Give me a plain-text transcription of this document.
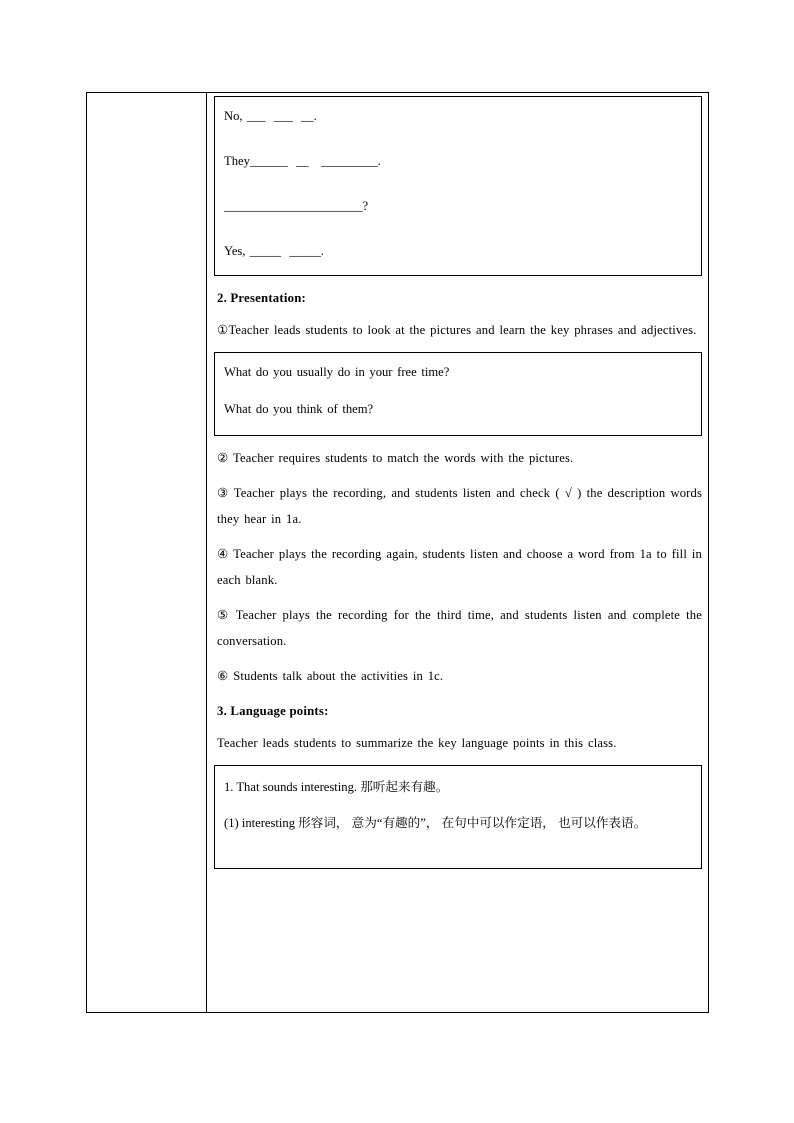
No, ___  ___  __.

They______  __   _________.

______________________?

Yes, _____  _____.

2. Presentation:

①Teacher leads students to look at the pictures and learn the key phrases and adjectives.

What do you usually do in your free time?

What do you think of them?

② Teacher requires students to match the words with the pictures.

③ Teacher plays the recording, and students listen and check ( √ ) the description words they hear in 1a.

④ Teacher plays the recording again, students listen and choose a word from 1a to fill in each blank.

⑤ Teacher plays the recording for the third time, and students listen and complete the conversation.

⑥ Students talk about the activities in 1c.

3. Language points:

Teacher leads students to summarize the key language points in this class.

1. That sounds interesting. 那听起来有趣。

(1) interesting 形容词， 意为“有趣的”， 在句中可以作定语， 也可以作表语。
